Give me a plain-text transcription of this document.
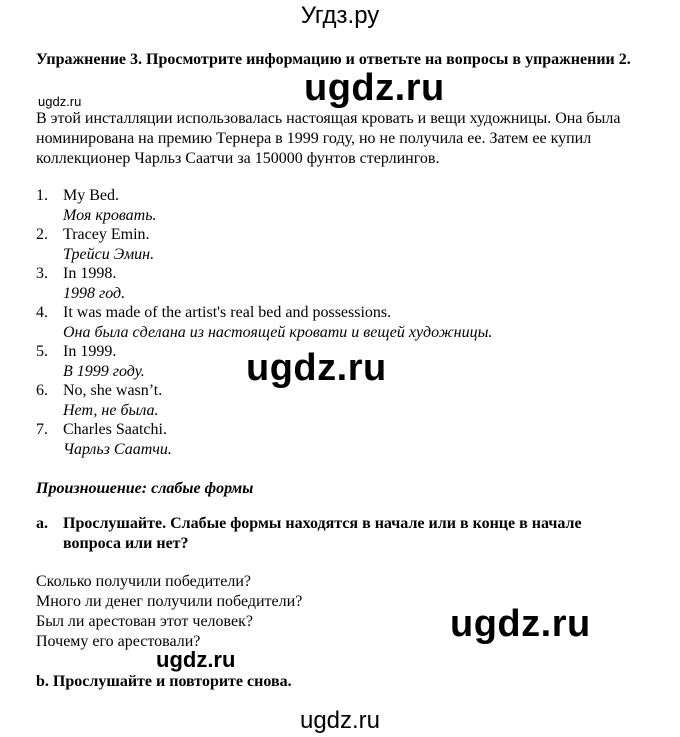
Угдз.ру
Упражнение 3. Просмотрите информацию и ответьте на вопросы в упражнении 2.
ugdz.ru
ugdz.ru
В этой инсталляции использовалась настоящая кровать и вещи художницы. Она была номинирована на премию Тернера в 1999 году, но не получила ее. Затем ее купил коллекционер Чарльз Саатчи за 150000 фунтов стерлингов.
1. My Bed.
Моя кровать.
2. Tracey Emin.
Трейси Эмин.
3. In 1998.
1998 год.
4. It was made of the artist's real bed and possessions.
Она была сделана из настоящей кровати и вещей художницы.
5. In 1999.
В 1999 году.
6. No, she wasn’t.
Нет, не была.
7. Charles Saatchi.
Чарльз Саатчи.
ugdz.ru
Произношение: слабые формы
a. Прослушайте. Слабые формы находятся в начале или в конце в начале вопроса или нет?
Сколько получили победители?
Много ли денег получили победители?
Был ли арестован этот человек?
Почему его арестовали?	ugdz.ru
ugdz.ru
b. Прослушайте и повторите снова.
ugdz.ru
